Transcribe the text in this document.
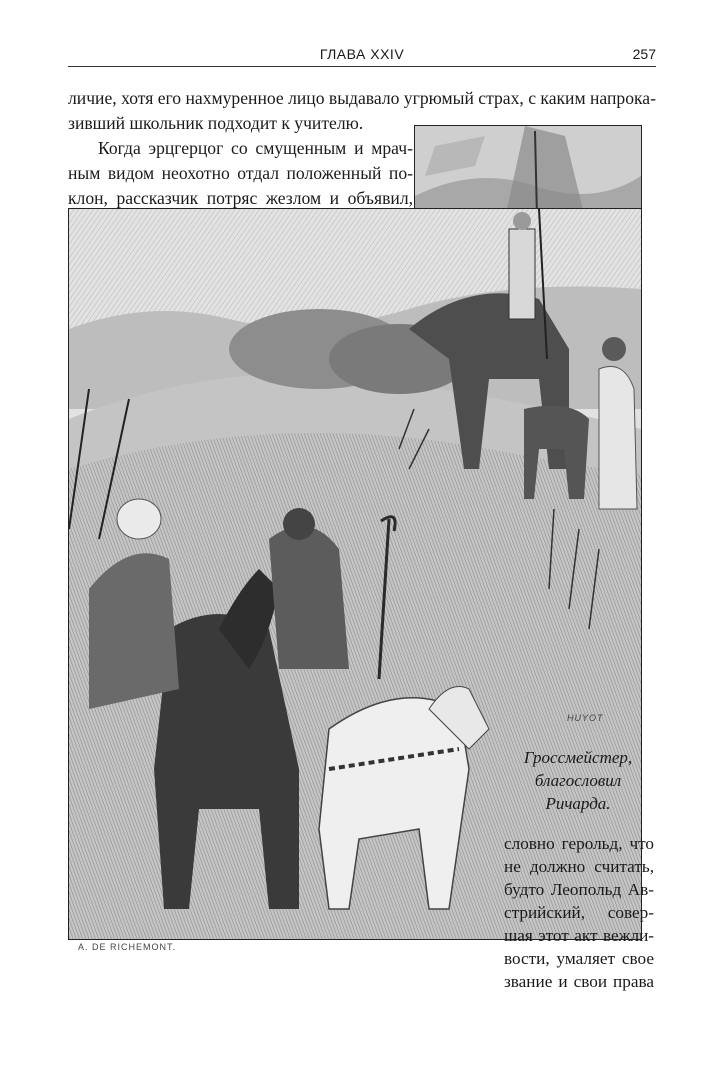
ГЛАВА XXIV	257
личие, хотя его нахмуренное лицо выдавало угрюмый страх, с каким напрока-
зивший школьник подходит к учителю.
Когда эрцгерцог со смущенным и мрач-
ным видом неохотно отдал положенный по-
клон, рассказчик потряс жезлом и объявил,
HUYOT
Гроссмейстер,
благословил
Ричарда.
словно герольд, что
не должно считать,
будто Леопольд Ав-
стрийский, совер-
шая этот акт вежли-
вости, умаляет свое
звание и свои права
A. DE RICHEMONT.
